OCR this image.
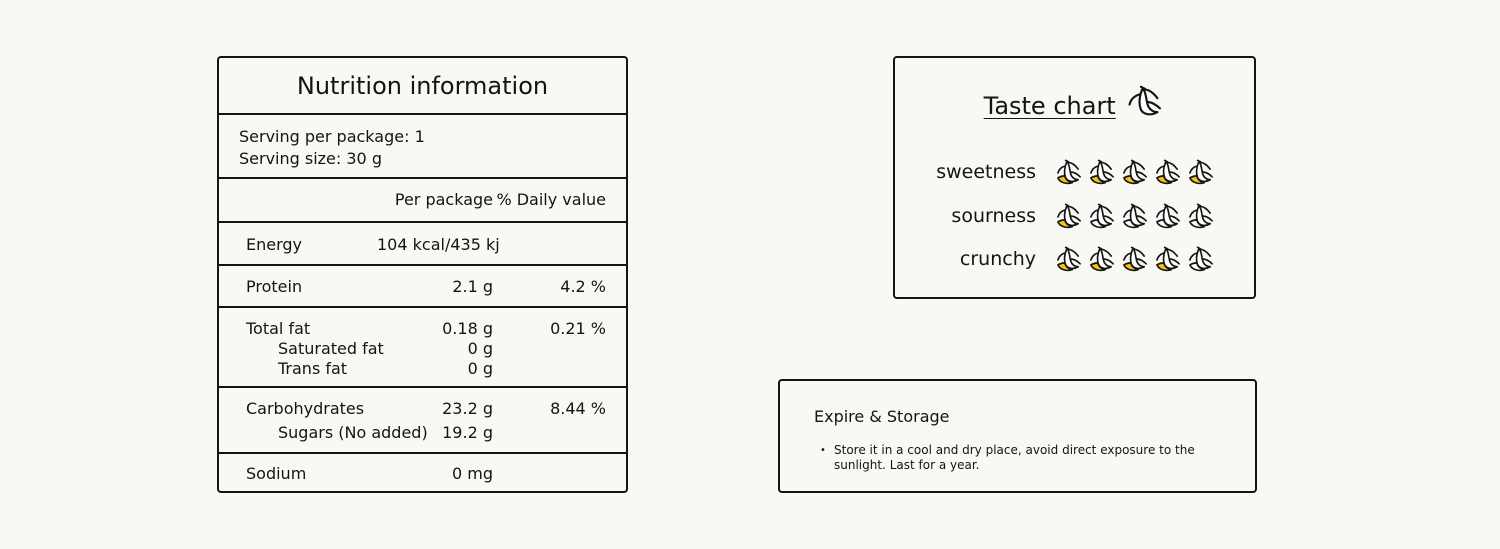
Nutrition information
Serving per package: 1
Serving size: 30 g
Per package % Daily value
Energy	104 kcal/435 kj
Protein	2.1 g	4.2 %
Total fat	0.18 g	0.21 %
Saturated fat	0 g
Trans fat	0 g
Carbohydrates	23.2 g	8.44 %
Sugars (No added) 19.2 g
Sodium	0 mg
Taste chart
sweetness
sourness
crunchy
Expire & Storage
• Store it in a cool and dry place, avoid direct exposure to the sunlight. Last for a year.
